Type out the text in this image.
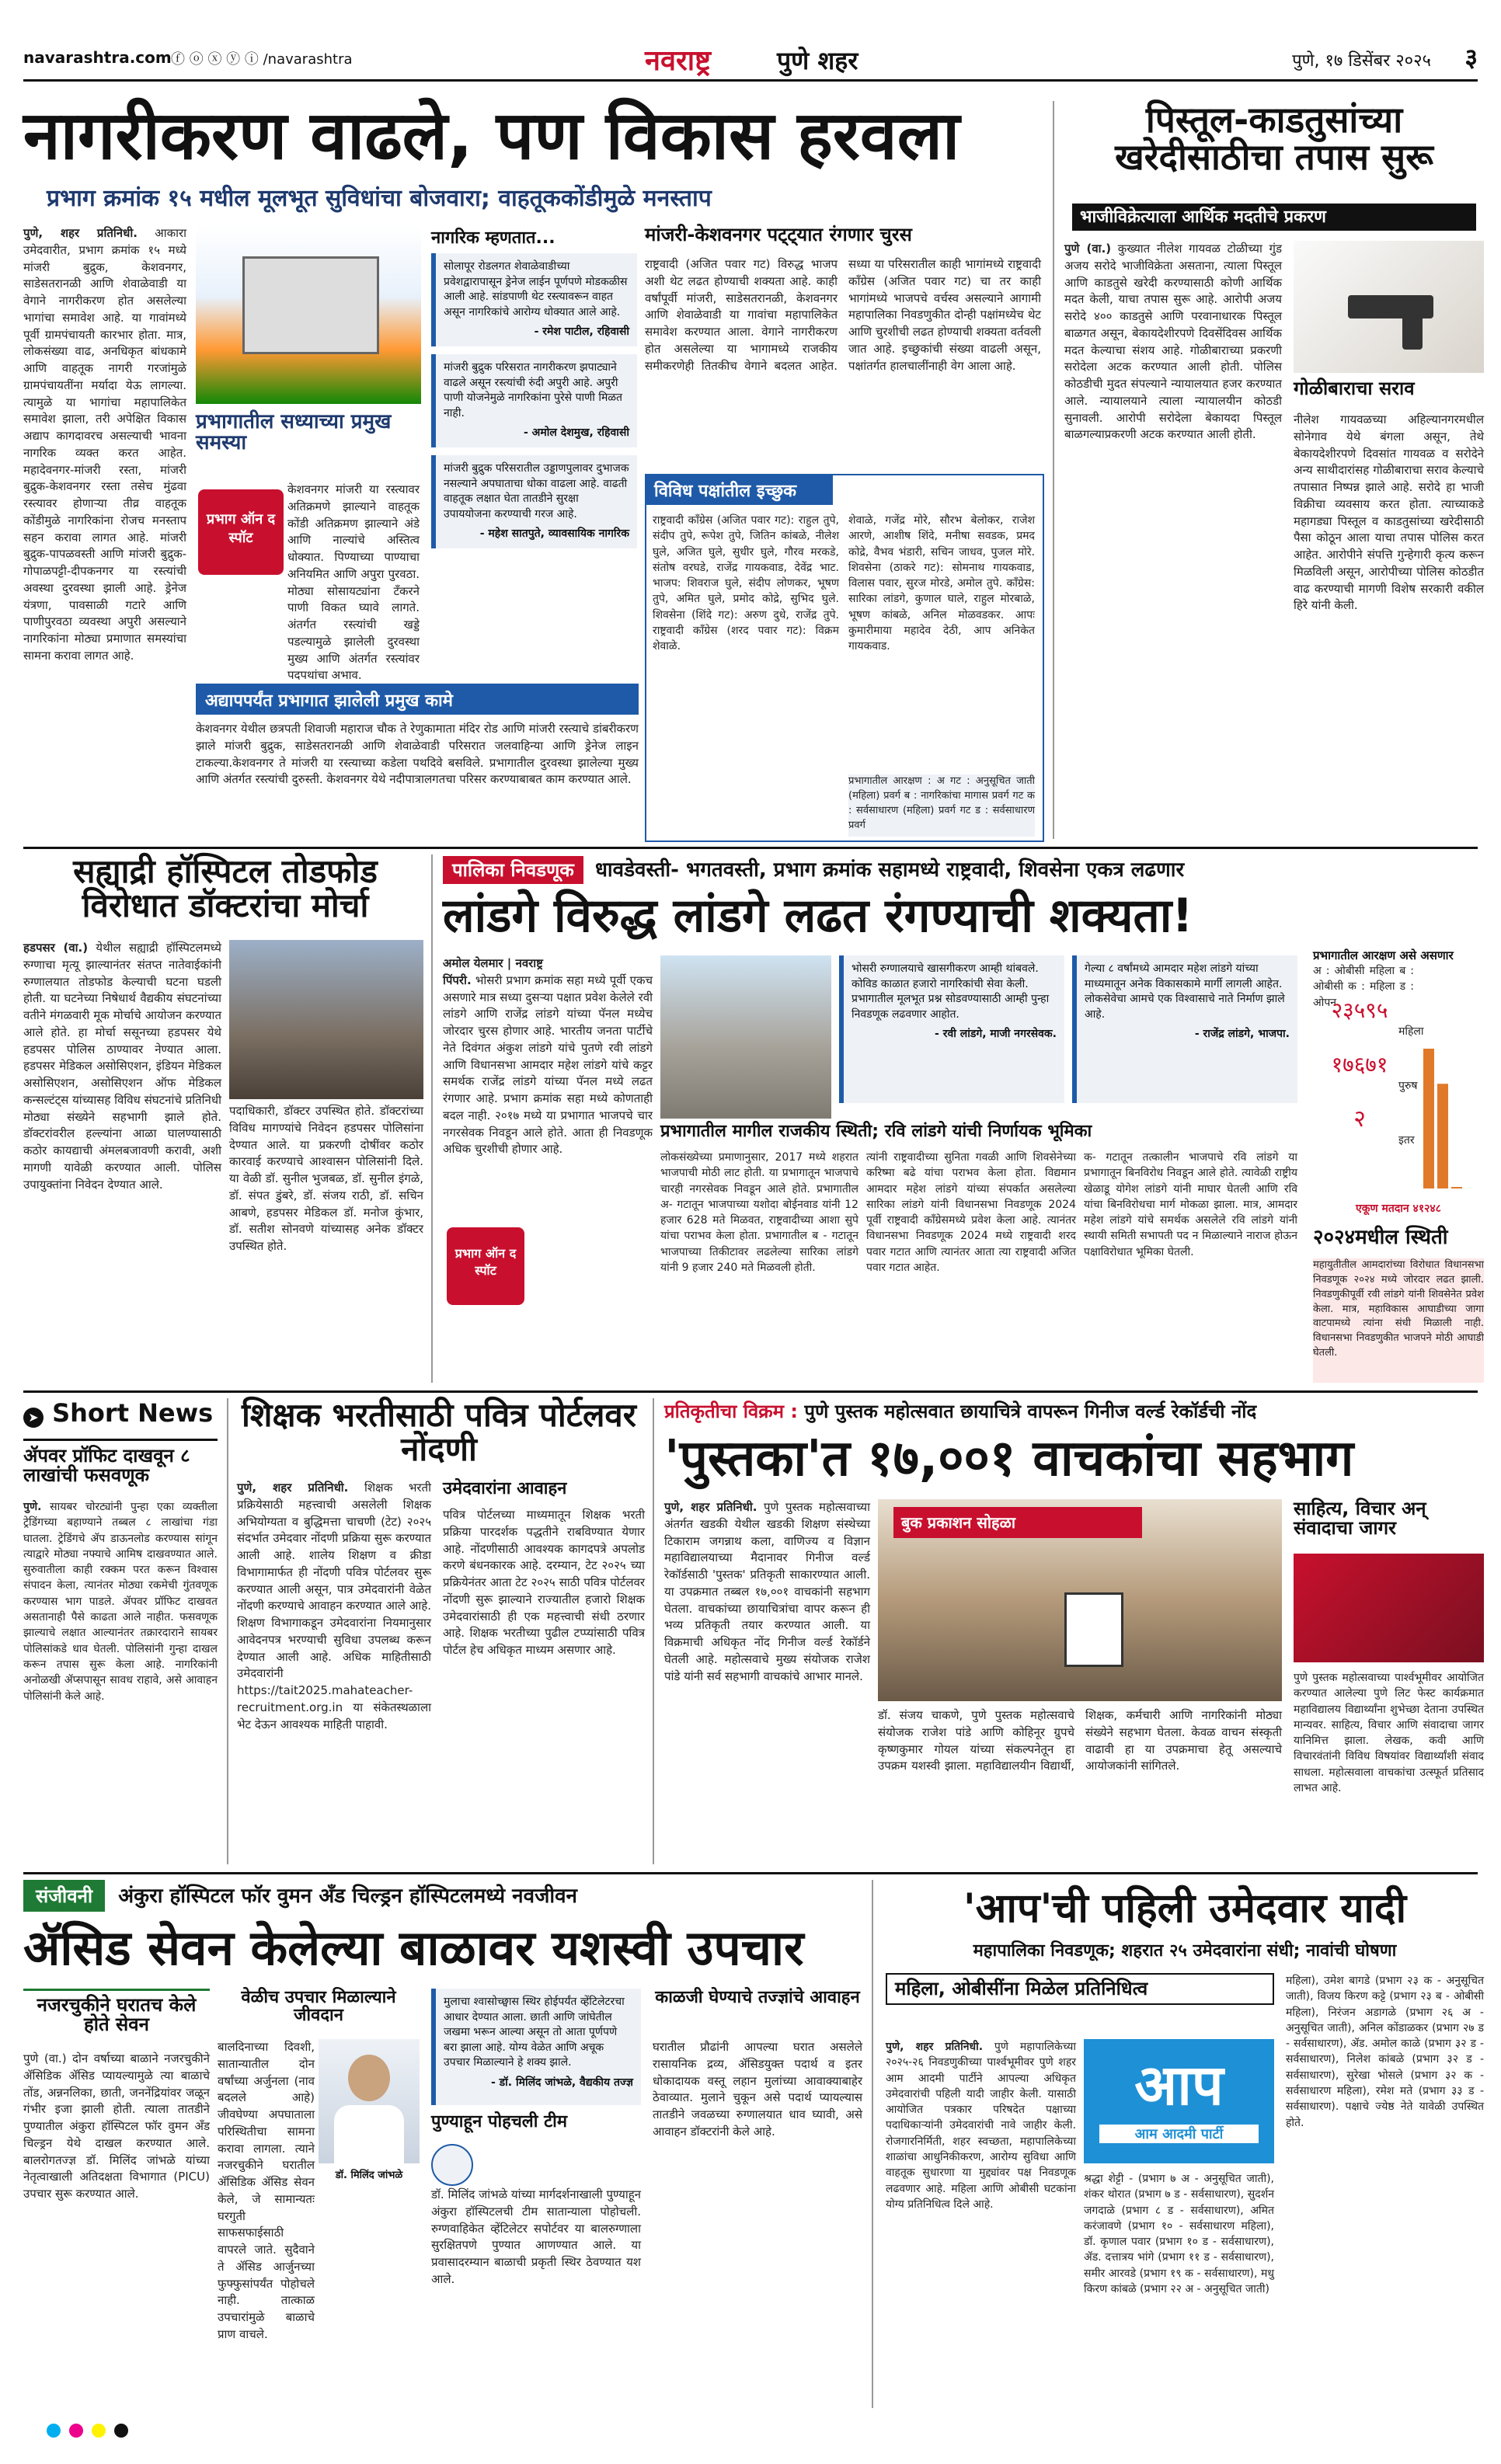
navarashtra.com ⓕ ⓞ ⓧ ⓨ ⓘ /navarashtra	नवराष्ट्र	पुणे शहर	पुणे, १७ डिसेंबर २०२५ ३
नागरीकरण वाढले, पण विकास हरवला
प्रभाग क्रमांक १५ मधील मूलभूत सुविधांचा बोजवारा; वाहतूककोंडीमुळे मनस्ताप
पुणे, शहर प्रतिनिधी. आकारा उमेदवारीत, प्रभाग क्रमांक १५ मध्ये मांजरी बुद्रुक, केशवनगर, साडेसतरानळी आणि शेवाळेवाडी या वेगाने नागरीकरण होत असलेल्या भागांचा समावेश आहे. या गावांमध्ये पूर्वी ग्रामपंचायती कारभार होता. मात्र, लोकसंख्या वाढ, अनधिकृत बांधकामे आणि वाहतूक नागरी गरजांमुळे ग्रामपंचायतींना मर्यादा येऊ लागल्या. त्यामुळे या भागांचा महापालिकेत समावेश झाला, तरी अपेक्षित विकास अद्याप कागदावरच असल्याची भावना नागरिक व्यक्त करत आहेत. महादेवनगर-मांजरी रस्ता, मांजरी बुद्रुक-केशवनगर रस्ता तसेच मुंढवा रस्त्यावर होणाऱ्या तीव्र वाहतूक कोंडीमुळे नागरिकांना रोजच मनस्ताप सहन करावा लागत आहे. मांजरी बुद्रुक-पापळवस्ती आणि मांजरी बुद्रुक-गोपाळपट्टी-दीपकनगर या रस्त्यांची अवस्था दुरवस्था झाली आहे. ड्रेनेज यंत्रणा, पावसाळी गटारे आणि पाणीपुरवठा व्यवस्था अपुरी असल्याने नागरिकांना मोठ्या प्रमाणात समस्यांचा सामना करावा लागत आहे.
प्रभागातील सध्याच्या प्रमुख समस्या
प्रभाग ऑन द स्पॉट
केशवनगर मांजरी या रस्त्यावर अतिक्रमणे झाल्याने वाहतूक कोंडी अतिक्रमण झाल्याने अंडे आणि नाल्यांचे अस्तित्व धोक्यात. पिण्याच्या पाण्याचा अनियमित आणि अपुरा पुरवठा. मोठ्या सोसायट्यांना टँकरने पाणी विकत घ्यावे लागते. अंतर्गत रस्त्यांची खड्डे पडल्यामुळे झालेली दुरवस्था मुख्य आणि अंतर्गत रस्त्यांवर पदपथांचा अभाव.
नागरिक म्हणतात...
सोलापूर रोडलगत शेवाळेवाडीच्या प्रवेशद्वारापासून ड्रेनेज लाईन पूर्णपणे मोडकळीस आली आहे. सांडपाणी थेट रस्त्यावरून वाहत असून नागरिकांचे आरोग्य धोक्यात आले आहे.
- रमेश पाटील, रहिवासी
मांजरी बुद्रुक परिसरात नागरीकरण झपाट्याने वाढले असून रस्त्यांची रुंदी अपुरी आहे. अपुरी पाणी योजनेमुळे नागरिकांना पुरेसे पाणी मिळत नाही.
- अमोल देशमुख, रहिवासी
मांजरी बुद्रुक परिसरातील उड्डाणपुलावर दुभाजक नसल्याने अपघाताचा धोका वाढला आहे. वाढती वाहतूक लक्षात घेता तातडीने सुरक्षा उपाययोजना करण्याची गरज आहे.
- महेश सातपुते, व्यावसायिक नागरिक
मांजरी-केशवनगर पट्ट्यात रंगणार चुरस
राष्ट्रवादी (अजित पवार गट) विरुद्ध भाजप अशी थेट लढत होण्याची शक्यता आहे. काही वर्षांपूर्वी मांजरी, साडेसतरानळी, केशवनगर आणि शेवाळेवाडी या गावांचा महापालिकेत समावेश करण्यात आला. वेगाने नागरीकरण होत असलेल्या या भागामध्ये राजकीय समीकरणेही तितकीच वेगाने बदलत आहेत. सध्या या परिसरातील काही भागांमध्ये राष्ट्रवादी काँग्रेस (अजित पवार गट) चा तर काही भागांमध्ये भाजपचे वर्चस्व असल्याने आगामी महापालिका निवडणुकीत दोन्ही पक्षांमध्येच थेट आणि चुरशीची लढत होण्याची शक्यता वर्तवली जात आहे. इच्छुकांची संख्या वाढली असून, पक्षांतर्गत हालचालींनाही वेग आला आहे.
विविध पक्षांतील इच्छुक
राष्ट्रवादी काँग्रेस (अजित पवार गट): राहुल तुपे, संदीप तुपे, रूपेश तुपे, जितिन कांबळे, नीलेश घुले, अजित घुले, सुधीर घुले, गौरव मरकडे, संतोष वरघडे, राजेंद्र गायकवाड, देवेंद्र भाट. भाजप: शिवराज घुले, संदीप लोणकर, भूषण तुपे, अमित घुले, प्रमोद कोद्रे, सुभिद घुले. शिवसेना (शिंदे गट): अरुण दुधे, राजेंद्र तुपे. राष्ट्रवादी काँग्रेस (शरद पवार गट): विक्रम शेवाळे.
शेवाळे, गजेंद्र मोरे, सौरभ बेलोकर, राजेश आरणे, आशीष शिंदे, मनीषा सवडक, प्रमद कोद्रे, वैभव भंडारी, सचिन जाधव, पुजल मोरे. शिवसेना (ठाकरे गट): सोमनाथ गायकवाड, विलास पवार, सुरज मोरडे, अमोल तुपे. काँग्रेस: सारिका लांडगे, कुणाल घाले, राहुल मोरबाळे, भूषण कांबळे, अनिल मोळवडकर. आपः कुमारीमाया महादेव देठी, आप अनिकेत गायकवाड.
प्रभागातील आरक्षण : अ गट : अनुसूचित जाती (महिला) प्रवर्ग ब : नागरिकांचा मागास प्रवर्ग गट क : सर्वसाधारण (महिला) प्रवर्ग गट ड : सर्वसाधारण प्रवर्ग
अद्यापपर्यंत प्रभागात झालेली प्रमुख कामे
केशवनगर येथील छत्रपती शिवाजी महाराज चौक ते रेणुकामाता मंदिर रोड आणि मांजरी रस्त्याचे डांबरीकरण झाले मांजरी बुद्रुक, साडेसतरानळी आणि शेवाळेवाडी परिसरात जलवाहिन्या आणि ड्रेनेज लाइन टाकल्या.केशवनगर ते मांजरी या रस्त्याच्या कडेला पथदिवे बसविले. प्रभागातील दुरवस्था झालेल्या मुख्य आणि अंतर्गत रस्त्यांची दुरुस्ती. केशवनगर येथे नदीपात्रालगतचा परिसर करण्याबाबत काम करण्यात आले.
पिस्तूल-काडतुसांच्या खरेदीसाठीचा तपास सुरू
भाजीविक्रेत्याला आर्थिक मदतीचे प्रकरण
पुणे (वा.) कुख्यात नीलेश गायवळ टोळीच्या गुंड अजय सरोदे भाजीविक्रेता असताना, त्याला पिस्तूल आणि काडतुसे खरेदी करण्यासाठी कोणी आर्थिक मदत केली, याचा तपास सुरू आहे. आरोपी अजय सरोदे ४०० काडतुसे आणि परवानाधारक पिस्तूल बाळगत असून, बेकायदेशीरपणे दिवसेंदिवस आर्थिक मदत केल्याचा संशय आहे. गोळीबाराच्या प्रकरणी सरोदेला अटक करण्यात आली होती. पोलिस कोठडीची मुदत संपल्याने न्यायालयात हजर करण्यात आले. न्यायालयाने त्याला न्यायालयीन कोठडी सुनावली. आरोपी सरोदेला बेकायदा पिस्तूल बाळगल्याप्रकरणी अटक करण्यात आली होती.
गोळीबाराचा सराव
नीलेश गायवळच्या अहिल्यानगरमधील सोनेगाव येथे बंगला असून, तेथे बेकायदेशीरपणे दिवसांत गायवळ व सरोदेने अन्य साथीदारांसह गोळीबाराचा सराव केल्याचे तपासात निष्पन्न झाले आहे. सरोदे हा भाजी विक्रीचा व्यवसाय करत होता. त्याच्याकडे महागड्या पिस्तूल व काडतुसांच्या खरेदीसाठी पैसा कोठून आला याचा तपास पोलिस करत आहेत. आरोपीने संपत्ति गुन्हेगारी कृत्य करून मिळविली असून, आरोपीच्या पोलिस कोठडीत वाढ करण्याची मागणी विशेष सरकारी वकील हिरे यांनी केली.
सह्याद्री हॉस्पिटल तोडफोड विरोधात डॉक्टरांचा मोर्चा
हडपसर (वा.) येथील सह्याद्री हॉस्पिटलमध्ये रुग्णाचा मृत्यू झाल्यानंतर संतप्त नातेवाईकांनी रुग्णालयात तोडफोड केल्याची घटना घडली होती. या घटनेच्या निषेधार्थ वैद्यकीय संघटनांच्या वतीने मंगळवारी मूक मोर्चाचे आयोजन करण्यात आले होते. हा मोर्चा ससूनच्या हडपसर येथे हडपसर पोलिस ठाण्यावर नेण्यात आला. हडपसर मेडिकल असोसिएशन, इंडियन मेडिकल असोसिएशन, असोसिएशन ऑफ मेडिकल कन्सल्टंट्स यांच्यासह विविध संघटनांचे प्रतिनिधी मोठ्या संख्येने सहभागी झाले होते. डॉक्टरांवरील हल्ल्यांना आळा घालण्यासाठी कठोर कायद्याची अंमलबजावणी करावी, अशी मागणी यावेळी करण्यात आली. पोलिस उपायुक्तांना निवेदन देण्यात आले.
पदाधिकारी, डॉक्टर उपस्थित होते. डॉक्टरांच्या विविध मागण्यांचे निवेदन हडपसर पोलिसांना देण्यात आले. या प्रकरणी दोषींवर कठोर कारवाई करण्याचे आश्वासन पोलिसांनी दिले. या वेळी डॉ. सुनील भुजबळ, डॉ. सुनील इंगळे, डॉ. संपत डुंबरे, डॉ. संजय राठी, डॉ. सचिन आबणे, हडपसर मेडिकल डॉ. मनोज कुंभार, डॉ. सतीश सोनवणे यांच्यासह अनेक डॉक्टर उपस्थित होते.
पालिका निवडणूक धावडेवस्ती- भगतवस्ती, प्रभाग क्रमांक सहामध्ये राष्ट्रवादी, शिवसेना एकत्र लढणार
लांडगे विरुद्ध लांडगे लढत रंगण्याची शक्यता!
अमोल येलमार | नवराष्ट्र
पिंपरी. भोसरी प्रभाग क्रमांक सहा मध्ये पूर्वी एकच असणारे मात्र सध्या दुसऱ्या पक्षात प्रवेश केलेले रवी लांडगे आणि राजेंद्र लांडगे यांच्या पॅनल मध्येच जोरदार चुरस होणार आहे. भारतीय जनता पार्टीचे नेते दिवंगत अंकुश लांडगे यांचे पुतणे रवी लांडगे आणि विधानसभा आमदार महेश लांडगे यांचे कट्टर समर्थक राजेंद्र लांडगे यांच्या पॅनल मध्ये लढत रंगणार आहे. प्रभाग क्रमांक सहा मध्ये कोणताही बदल नाही. २०१७ मध्ये या प्रभागात भाजपचे चार नगरसेवक निवडून आले होते. आता ही निवडणूक अधिक चुरशीची होणार आहे.
भोसरी रुग्णालयाचे खासगीकरण आम्ही थांबवले. कोविड काळात हजारो नागरिकांची सेवा केली. प्रभागातील मूलभूत प्रश्न सोडवण्यासाठी आम्ही पुन्हा निवडणूक लढवणार आहोत.
- रवी लांडगे, माजी नगरसेवक.
गेल्या ८ वर्षांमध्ये आमदार महेश लांडगे यांच्या माध्यमातून अनेक विकासकामे मार्गी लागली आहेत. लोकसेवेचा आमचे एक विश्वासाचे नाते निर्माण झाले आहे.
- राजेंद्र लांडगे, भाजपा.
प्रभागातील आरक्षण असे असणार
अ : ओबीसी महिला ब : ओबीसी क : महिला ड : ओपन
२३५९५
महिला
१७६७१
पुरुष
२
इतर
एकूण मतदान ४१२४८
प्रभागातील मागील राजकीय स्थिती; रवि लांडगे यांची निर्णायक भूमिका
लोकसंख्येच्या प्रमाणानुसार, 2017 मध्ये शहरात भाजपाची मोठी लाट होती. या प्रभागातून भाजपाचे चारही नगरसेवक निवडून आले होते. प्रभागातील अ- गटातून भाजपाच्या यशोदा बोईनवाड यांनी 12 हजार 628 मते मिळवत, राष्ट्रवादीच्या आशा सुपे यांचा पराभव केला होता. प्रभागातील ब - गटातून भाजपाच्या तिकीटावर लढलेल्या सारिका लांडगे यांनी 9 हजार 240 मते मिळवली होती.
त्यांनी राष्ट्रवादीच्या सुनिता गवळी आणि शिवसेनेच्या करिष्मा बढे यांचा पराभव केला होता. विद्यमान आमदार महेश लांडगे यांच्या संपर्कात असलेल्या सारिका लांडगे यांनी विधानसभा निवडणूक 2024 पूर्वी राष्ट्रवादी काँग्रेसमध्ये प्रवेश केला आहे. त्यानंतर विधानसभा निवडणूक 2024 मध्ये राष्ट्रवादी शरद पवार गटात आणि त्यानंतर आता त्या राष्ट्रवादी अजित पवार गटात आहेत.
क- गटातून तत्कालीन भाजपाचे रवि लांडगे या प्रभागातून बिनविरोध निवडून आले होते. त्यावेळी राष्ट्रीय खेळाडू योगेश लांडगे यांनी माघार घेतली आणि रवि यांचा बिनविरोधचा मार्ग मोकळा झाला. मात्र, आमदार महेश लांडगे यांचे समर्थक असलेले रवि लांडगे यांनी स्थायी समिती सभापती पद न मिळाल्याने नाराज होऊन पक्षाविरोधात भूमिका घेतली.
प्रभाग ऑन द स्पॉट
२०२४मधील स्थिती
महायुतीतील आमदारांच्या विरोधात विधानसभा निवडणूक २०२४ मध्ये जोरदार लढत झाली. निवडणुकीपूर्वी रवी लांडगे यांनी शिवसेनेत प्रवेश केला. मात्र, महाविकास आघाडीच्या जागा वाटपामध्ये त्यांना संधी मिळाली नाही. विधानसभा निवडणुकीत भाजपने मोठी आघाडी घेतली.
➤ Short News
ॲपवर प्रॉफिट दाखवून ८ लाखांची फसवणूक
पुणे. सायबर चोरट्यांनी पुन्हा एका व्यक्तीला ट्रेडिंगच्या बहाण्याने तब्बल ८ लाखांचा गंडा घातला. ट्रेडिंगचे ॲप डाऊनलोड करण्यास सांगून त्याद्वारे मोठ्या नफ्याचे आमिष दाखवण्यात आले. सुरुवातीला काही रक्कम परत करून विश्वास संपादन केला, त्यानंतर मोठ्या रकमेची गुंतवणूक करण्यास भाग पाडले. ॲपवर प्रॉफिट दाखवत असतानाही पैसे काढता आले नाहीत. फसवणूक झाल्याचे लक्षात आल्यानंतर तक्रारदाराने सायबर पोलिसांकडे धाव घेतली. पोलिसांनी गुन्हा दाखल करून तपास सुरू केला आहे. नागरिकांनी अनोळखी ॲप्सपासून सावध राहावे, असे आवाहन पोलिसांनी केले आहे.
शिक्षक भरतीसाठी पवित्र पोर्टलवर नोंदणी
पुणे, शहर प्रतिनिधी. शिक्षक भरती प्रक्रियेसाठी महत्त्वाची असलेली शिक्षक अभियोग्यता व बुद्धिमत्ता चाचणी (टेट) २०२५ संदर्भात उमेदवार नोंदणी प्रक्रिया सुरू करण्यात आली आहे. शालेय शिक्षण व क्रीडा विभागामार्फत ही नोंदणी पवित्र पोर्टलवर सुरू करण्यात आली असून, पात्र उमेदवारांनी वेळेत नोंदणी करण्याचे आवाहन करण्यात आले आहे. शिक्षण विभागाकडून उमेदवारांना नियमानुसार आवेदनपत्र भरण्याची सुविधा उपलब्ध करून देण्यात आली आहे. अधिक माहितीसाठी उमेदवारांनी https://tait2025.mahateacher-recruitment.org.in या संकेतस्थळाला भेट देऊन आवश्यक माहिती पाहावी.
उमेदवारांना आवाहन
पवित्र पोर्टलच्या माध्यमातून शिक्षक भरती प्रक्रिया पारदर्शक पद्धतीने राबविण्यात येणार आहे. नोंदणीसाठी आवश्यक कागदपत्रे अपलोड करणे बंधनकारक आहे. दरम्यान, टेट २०२५ च्या प्रक्रियेनंतर आता टेट २०२५ साठी पवित्र पोर्टलवर नोंदणी सुरू झाल्याने राज्यातील हजारो शिक्षक उमेदवारांसाठी ही एक महत्त्वाची संधी ठरणार आहे. शिक्षक भरतीच्या पुढील टप्प्यांसाठी पवित्र पोर्टल हेच अधिकृत माध्यम असणार आहे.
प्रतिकृतीचा विक्रम : पुणे पुस्तक महोत्सवात छायाचित्रे वापरून गिनीज वर्ल्ड रेकॉर्डची नोंद
'पुस्तका'त १७,००१ वाचकांचा सहभाग
पुणे, शहर प्रतिनिधी. पुणे पुस्तक महोत्सवाच्या अंतर्गत खडकी येथील खडकी शिक्षण संस्थेच्या टिकाराम जगन्नाथ कला, वाणिज्य व विज्ञान महाविद्यालयाच्या मैदानावर गिनीज वर्ल्ड रेकॉर्डसाठी 'पुस्तक' प्रतिकृती साकारण्यात आली. या उपक्रमात तब्बल १७,००१ वाचकांनी सहभाग घेतला. वाचकांच्या छायाचित्रांचा वापर करून ही भव्य प्रतिकृती तयार करण्यात आली. या विक्रमाची अधिकृत नोंद गिनीज वर्ल्ड रेकॉर्डने घेतली आहे. महोत्सवाचे मुख्य संयोजक राजेश पांडे यांनी सर्व सहभागी वाचकांचे आभार मानले.
बुक प्रकाशन सोहळा
डॉ. संजय चाकणे, पुणे पुस्तक महोत्सवाचे संयोजक राजेश पांडे आणि कोहिनूर ग्रुपचे कृष्णकुमार गोयल यांच्या संकल्पनेतून हा उपक्रम यशस्वी झाला. महाविद्यालयीन विद्यार्थी, शिक्षक, कर्मचारी आणि नागरिकांनी मोठ्या संख्येने सहभाग घेतला. केवळ वाचन संस्कृती वाढावी हा या उपक्रमाचा हेतू असल्याचे आयोजकांनी सांगितले.
साहित्य, विचार अन् संवादाचा जागर
पुणे पुस्तक महोत्सवाच्या पार्श्वभूमीवर आयोजित करण्यात आलेल्या पुणे लिट फेस्ट कार्यक्रमात महाविद्यालय विद्यार्थ्यांना शुभेच्छा देताना उपस्थित मान्यवर. साहित्य, विचार आणि संवादाचा जागर यानिमित्त झाला. लेखक, कवी आणि विचारवंतांनी विविध विषयांवर विद्यार्थ्यांशी संवाद साधला. महोत्सवाला वाचकांचा उत्स्फूर्त प्रतिसाद लाभत आहे.
संजीवनी अंकुरा हॉस्पिटल फॉर वुमन अँड चिल्ड्रन हॉस्पिटलमध्ये नवजीवन
ॲसिड सेवन केलेल्या बाळावर यशस्वी उपचार
नजरचुकीने घरातच केले होते सेवन
पुणे (वा.) दोन वर्षाच्या बाळाने नजरचुकीने ॲसिडिक ॲसिड प्यायल्यामुळे त्या बाळाचे तोंड, अन्ननलिका, छाती, जननेंद्रियांवर जळून गंभीर इजा झाली होती. त्याला तातडीने पुण्यातील अंकुरा हॉस्पिटल फॉर वुमन अँड चिल्ड्रन येथे दाखल करण्यात आले. बालरोगतज्ज्ञ डॉ. मिलिंद जांभळे यांच्या नेतृत्वाखाली अतिदक्षता विभागात (PICU) उपचार सुरू करण्यात आले.
वेळीच उपचार मिळाल्याने जीवदान
बालदिनाच्या दिवशी, सातान्यातील दोन वर्षांच्या अर्जुनला (नाव बदलले आहे) जीवघेण्या अपघाताला परिस्थितीचा सामना करावा लागला. त्याने नजरचुकीने घरातील ॲसिडिक ॲसिड सेवन केले, जे सामान्यतः घरगुती साफसफाईसाठी वापरले जाते. सुदैवाने ते ॲसिड आर्जुनच्या फुफ्फुसांपर्यंत पोहोचले नाही. तात्काळ उपचारांमुळे बाळाचे प्राण वाचले.
डॉ. मिलिंद जांभळे
मुलाचा श्वासोच्छ्वास स्थिर होईपर्यंत व्हेंटिलेटरचा आधार देण्यात आला. छाती आणि जांघेतील जखमा भरून आल्या असून तो आता पूर्णपणे बरा झाला आहे. योग्य वेळेत आणि अचूक उपचार मिळाल्याने हे शक्य झाले.
- डॉ. मिलिंद जांभळे, वैद्यकीय तज्ज्ञ
पुण्याहून पोहचली टीम
डॉ. मिलिंद जांभळे यांच्या मार्गदर्शनाखाली पुण्याहून अंकुरा हॉस्पिटलची टीम सातान्याला पोहोचली. रुग्णवाहिकेत व्हेंटिलेटर सपोर्टवर या बालरुग्णाला सुरक्षितपणे पुण्यात आणण्यात आले. या प्रवासादरम्यान बाळाची प्रकृती स्थिर ठेवण्यात यश आले.
काळजी घेण्याचे तज्ज्ञांचे आवाहन
घरातील प्रौढांनी आपल्या घरात असलेले रासायनिक द्रव्य, ॲसिडयुक्त पदार्थ व इतर धोकादायक वस्तू लहान मुलांच्या आवाक्याबाहेर ठेवाव्यात. मुलाने चुकून असे पदार्थ प्यायल्यास तातडीने जवळच्या रुग्णालयात धाव घ्यावी, असे आवाहन डॉक्टरांनी केले आहे.
'आप'ची पहिली उमेदवार यादी
महापालिका निवडणूक; शहरात २५ उमेदवारांना संधी; नावांची घोषणा
महिला, ओबीसींना मिळेल प्रतिनिधित्व
पुणे, शहर प्रतिनिधी. पुणे महापालिकेच्या २०२५-२६ निवडणुकीच्या पार्श्वभूमीवर पुणे शहर आम आदमी पार्टीने आपल्या अधिकृत उमेदवारांची पहिली यादी जाहीर केली. यासाठी आयोजित पत्रकार परिषदेत पक्षाच्या पदाधिकाऱ्यांनी उमेदवारांची नावे जाहीर केली. रोजगारनिर्मिती, शहर स्वच्छता, महापालिकेच्या शाळांचा आधुनिकीकरण, आरोग्य सुविधा आणि वाहतूक सुधारणा या मुद्द्यांवर पक्ष निवडणूक लढवणार आहे. महिला आणि ओबीसी घटकांना योग्य प्रतिनिधित्व दिले आहे.
आप
आम आदमी पार्टी
श्रद्धा शेट्टी - (प्रभाग ७ अ - अनुसूचित जाती), शंकर थोरात (प्रभाग ७ ड - सर्वसाधारण), सुदर्शन जगदाळे (प्रभाग ८ ड - सर्वसाधारण), अमित करंजावणे (प्रभाग १० - सर्वसाधारण महिला), डॉ. कृणाल पवार (प्रभाग १० ड - सर्वसाधारण), ॲड. दत्तात्रय भांगे (प्रभाग ११ ड - सर्वसाधारण), समीर आरवडे (प्रभाग १९ क - सर्वसाधारण), मधु किरण कांबळे (प्रभाग २२ अ - अनुसूचित जाती)
महिला), उमेश बागडे (प्रभाग २३ क - अनुसूचित जाती), विजय किरण कट्टे (प्रभाग २३ ब - ओबीसी महिला), निरंजन अडागळे (प्रभाग २६ अ - अनुसूचित जाती), अनिल कोंडाळकर (प्रभाग २७ ड - सर्वसाधारण), ॲड. अमोल काळे (प्रभाग ३२ ड - सर्वसाधारण), निलेश कांबळे (प्रभाग ३२ ड - सर्वसाधारण), सुरेखा भोसले (प्रभाग ३२ क - सर्वसाधारण महिला), रमेश मते (प्रभाग ३३ ड - सर्वसाधारण). पक्षाचे ज्येष्ठ नेते यावेळी उपस्थित होते.
